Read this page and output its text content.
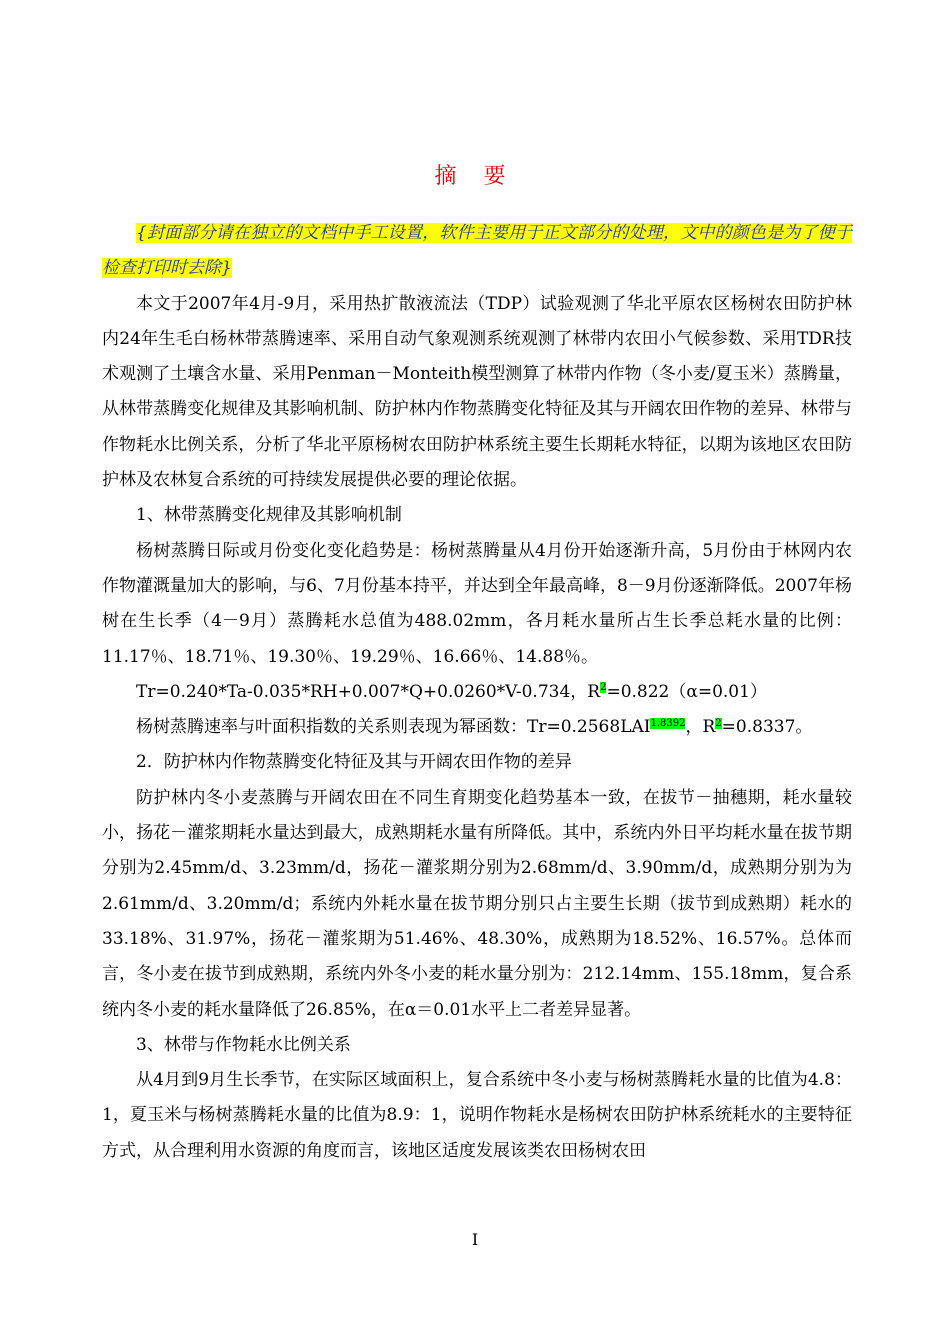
摘 要

{封面部分请在独立的文档中手工设置，软件主要用于正文部分的处理，文中的颜色是为了便于检查打印时去除}

本文于2007年4月-9月，采用热扩散液流法（TDP）试验观测了华北平原农区杨树农田防护林内24年生毛白杨林带蒸腾速率、采用自动气象观测系统观测了林带内农田小气候参数、采用TDR技术观测了土壤含水量、采用Penman－Monteith模型测算了林带内作物（冬小麦/夏玉米）蒸腾量，从林带蒸腾变化规律及其影响机制、防护林内作物蒸腾变化特征及其与开阔农田作物的差异、林带与作物耗水比例关系，分析了华北平原杨树农田防护林系统主要生长期耗水特征，以期为该地区农田防护林及农林复合系统的可持续发展提供必要的理论依据。

1、林带蒸腾变化规律及其影响机制

杨树蒸腾日际或月份变化变化趋势是：杨树蒸腾量从4月份开始逐渐升高，5月份由于林网内农作物灌溉量加大的影响，与6、7月份基本持平，并达到全年最高峰，8－9月份逐渐降低。2007年杨树在生长季（4－9月）蒸腾耗水总值为488.02mm，各月耗水量所占生长季总耗水量的比例：11.17％、18.71％、19.30％、19.29％、16.66％、14.88％。

Tr=0.240*Ta-0.035*RH+0.007*Q+0.0260*V-0.734，$R^2=0.822(\alpha=0.01)$

杨树蒸腾速率与叶面积指数的关系则表现为幂函数：$Tr=0.2568LAI^{1.8392}$，$R^2=0.8337$。

2．防护林内作物蒸腾变化特征及其与开阔农田作物的差异

防护林内冬小麦蒸腾与开阔农田在不同生育期变化趋势基本一致，在拔节－抽穗期，耗水量较小，扬花－灌浆期耗水量达到最大，成熟期耗水量有所降低。其中，系统内外日平均耗水量在拔节期分别为2.45mm/d、3.23mm/d，扬花－灌浆期分别为2.68mm/d、3.90mm/d，成熟期分别为为2.61mm/d、3.20mm/d；系统内外耗水量在拔节期分别只占主要生长期（拔节到成熟期）耗水的33.18%、31.97%，扬花－灌浆期为51.46%、48.30%，成熟期为18.52%、16.57%。总体而言，冬小麦在拔节到成熟期，系统内外冬小麦的耗水量分别为：212.14mm、155.18mm，复合系统内冬小麦的耗水量降低了26.85%，在α＝0.01水平上二者差异显著。

3、林带与作物耗水比例关系

从4月到9月生长季节，在实际区域面积上，复合系统中冬小麦与杨树蒸腾耗水量的比值为4.8：1，夏玉米与杨树蒸腾耗水量的比值为8.9：1，说明作物耗水是杨树农田防护林系统耗水的主要特征方式，从合理利用水资源的角度而言，该地区适度发展该类农田杨树农田

I
